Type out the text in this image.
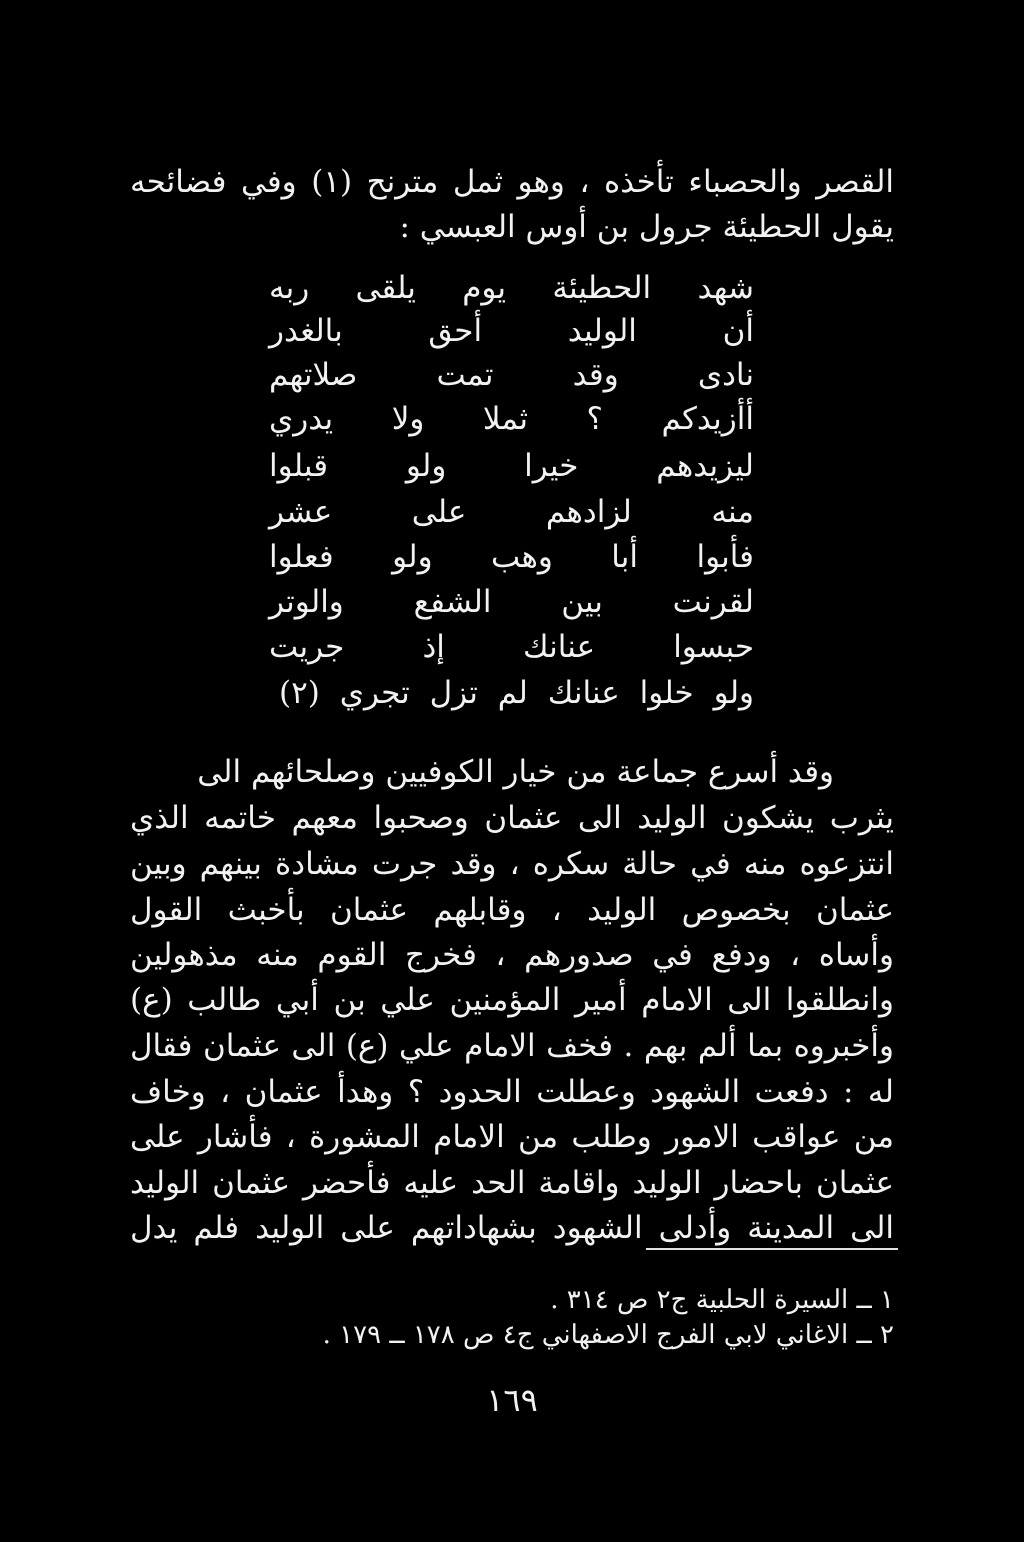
القصر والحصباء تأخذه ، وهو ثمل مترنح (١) وفي فضائحه
يقول الحطيئة جرول بن أوس العبسي :
شهد الحطيئة يوم يلقى ربه
أن الوليد أحق بالغدر
نادى وقد تمت صلاتهم
أأزيدكم ؟ ثملا ولا يدري
ليزيدهم خيرا ولو قبلوا
منه لزادهم على عشر
فأبوا أبا وهب ولو فعلوا
لقرنت بين الشفع والوتر
حبسوا عنانك إذ جريت
ولو خلوا عنانك لم تزل تجري (٢)
وقد أسرع جماعة من خيار الكوفيين وصلحائهم الى
يثرب يشكون الوليد الى عثمان وصحبوا معهم خاتمه الذي
انتزعوه منه في حالة سكره ، وقد جرت مشادة بينهم وبين
عثمان بخصوص الوليد ، وقابلهم عثمان بأخبث القول
وأساه ، ودفع في صدورهم ، فخرج القوم منه مذهولين
وانطلقوا الى الامام أمير المؤمنين علي بن أبي طالب (ع)
وأخبروه بما ألم بهم . فخف الامام علي (ع) الى عثمان فقال
له : دفعت الشهود وعطلت الحدود ؟ وهدأ عثمان ، وخاف
من عواقب الامور وطلب من الامام المشورة ، فأشار على
عثمان باحضار الوليد واقامة الحد عليه فأحضر عثمان الوليد
الى المدينة وأدلى الشهود بشهاداتهم على الوليد فلم يدل
١ ــ السيرة الحلبية ج٢ ص ٣١٤ .
٢ ــ الاغاني لابي الفرج الاصفهاني ج٤ ص ١٧٨ ــ ١٧٩ .
١٦٩
